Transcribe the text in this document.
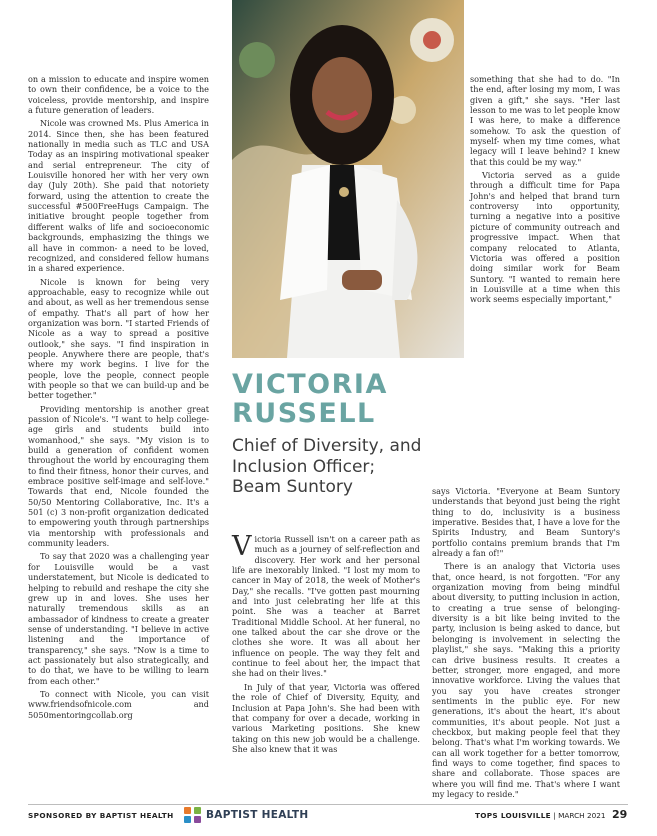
on a mission to educate and inspire women to own their confidence, be a voice to the voiceless, provide mentorship, and inspire a future generation of leaders.

Nicole was crowned Ms. Plus America in 2014. Since then, she has been featured nationally in media such as TLC and USA Today as an inspiring motivational speaker and serial entrepreneur. The city of Louisville honored her with her very own day (July 20th). She paid that notoriety forward, using the attention to create the successful #500FreeHugs Campaign. The initiative brought people together from different walks of life and socioeconomic backgrounds, emphasizing the things we all have in common- a need to be loved, recognized, and considered fellow humans in a shared experience.

Nicole is known for being very approachable, easy to recognize while out and about, as well as her tremendous sense of empathy. That's all part of how her organization was born. "I started Friends of Nicole as a way to spread a positive outlook," she says. "I find inspiration in people. Anywhere there are people, that's where my work begins. I live for the people, love the people, connect people with people so that we can build-up and be better together."

Providing mentorship is another great passion of Nicole's. "I want to help college-age girls and students build into womanhood," she says. "My vision is to build a generation of confident women throughout the world by encouraging them to find their fitness, honor their curves, and embrace positive self-image and self-love." Towards that end, Nicole founded the 50/50 Mentoring Collaborative, Inc. It's a 501 (c) 3 non-profit organization dedicated to empowering youth through partnerships via mentorship with professionals and community leaders.

To say that 2020 was a challenging year for Louisville would be a vast understatement, but Nicole is dedicated to helping to rebuild and reshape the city she grew up in and loves. She uses her naturally tremendous skills as an ambassador of kindness to create a greater sense of understanding. "I believe in active listening and the importance of transparency," she says. "Now is a time to act passionately but also strategically, and to do that, we have to be willing to learn from each other."

To connect with Nicole, you can visit www.friendsofnicole.com and 5050mentoringcollab.org

VICTORIA
RUSSELL
Chief of Diversity, and Inclusion Officer; Beam Suntory

Victoria Russell isn't on a career path as much as a journey of self-reflection and discovery. Her work and her personal life are inexorably linked. "I lost my mom to cancer in May of 2018, the week of Mother's Day," she recalls. "I've gotten past mourning and into just celebrating her life at this point. She was a teacher at Barret Traditional Middle School. At her funeral, no one talked about the car she drove or the clothes she wore. It was all about her influence on people. The way they felt and continue to feel about her, the impact that she had on their lives."

In July of that year, Victoria was offered the role of Chief of Diversity, Equity, and Inclusion at Papa John's. She had been with that company for over a decade, working in various Marketing positions. She knew taking on this new job would be a challenge. She also knew that it was

something that she had to do. "In the end, after losing my mom, I was given a gift," she says. "Her last lesson to me was to let people know I was here, to make a difference somehow. To ask the question of myself- when my time comes, what legacy will I leave behind? I knew that this could be my way."

Victoria served as a guide through a difficult time for Papa John's and helped that brand turn controversy into opportunity, turning a negative into a positive picture of community outreach and progressive impact. When that company relocated to Atlanta, Victoria was offered a position doing similar work for Beam Suntory. "I wanted to remain here in Louisville at a time when this work seems especially important,"

says Victoria. "Everyone at Beam Suntory understands that beyond just being the right thing to do, inclusivity is a business imperative. Besides that, I have a love for the Spirits Industry, and Beam Suntory's portfolio contains premium brands that I'm already a fan of!"

There is an analogy that Victoria uses that, once heard, is not forgotten. "For any organization moving from being mindful about diversity, to putting inclusion in action, to creating a true sense of belonging- diversity is a bit like being invited to the party, inclusion is being asked to dance, but belonging is involvement in selecting the playlist," she says. "Making this a priority can drive business results. It creates a better, stronger, more engaged, and more innovative workforce. Living the values that you say you have creates stronger sentiments in the public eye. For new generations, it's about the heart, it's about communities, it's about people. Not just a checkbox, but making people feel that they belong. That's what I'm working towards. We can all work together for a better tomorrow, find ways to come together, find spaces to share and collaborate. Those spaces are where you will find me. That's where I want my legacy to reside."

SPONSORED BY BAPTIST HEALTH	BAPTIST HEALTH	TOPS LOUISVILLE | MARCH 2021 29
